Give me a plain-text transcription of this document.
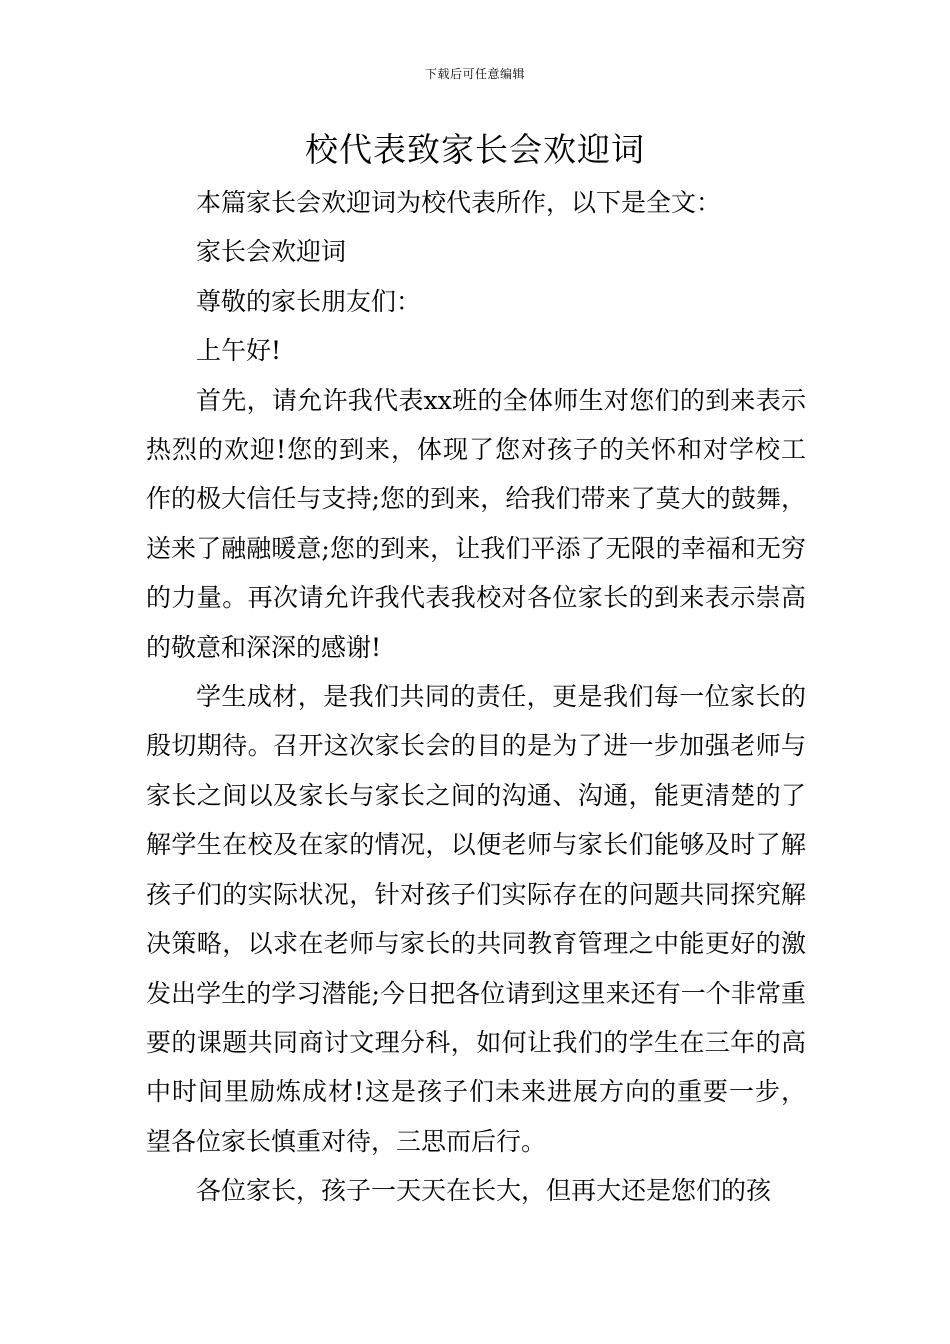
下载后可任意编辑
校代表致家长会欢迎词

本篇家长会欢迎词为校代表所作，以下是全文：

家长会欢迎词

尊敬的家长朋友们：

上午好!

首先，请允许我代表xx班的全体师生对您们的到来表示热烈的欢迎!您的到来，体现了您对孩子的关怀和对学校工作的极大信任与支持;您的到来，给我们带来了莫大的鼓舞，送来了融融暖意;您的到来，让我们平添了无限的幸福和无穷的力量。再次请允许我代表我校对各位家长的到来表示崇高的敬意和深深的感谢!

学生成材，是我们共同的责任，更是我们每一位家长的殷切期待。召开这次家长会的目的是为了进一步加强老师与家长之间以及家长与家长之间的沟通、沟通，能更清楚的了解学生在校及在家的情况，以便老师与家长们能够及时了解孩子们的实际状况，针对孩子们实际存在的问题共同探究解决策略，以求在老师与家长的共同教育管理之中能更好的激发出学生的学习潜能;今日把各位请到这里来还有一个非常重要的课题共同商讨文理分科，如何让我们的学生在三年的高中时间里励炼成材!这是孩子们未来进展方向的重要一步，望各位家长慎重对待，三思而后行。

各位家长，孩子一天天在长大，但再大还是您们的孩
